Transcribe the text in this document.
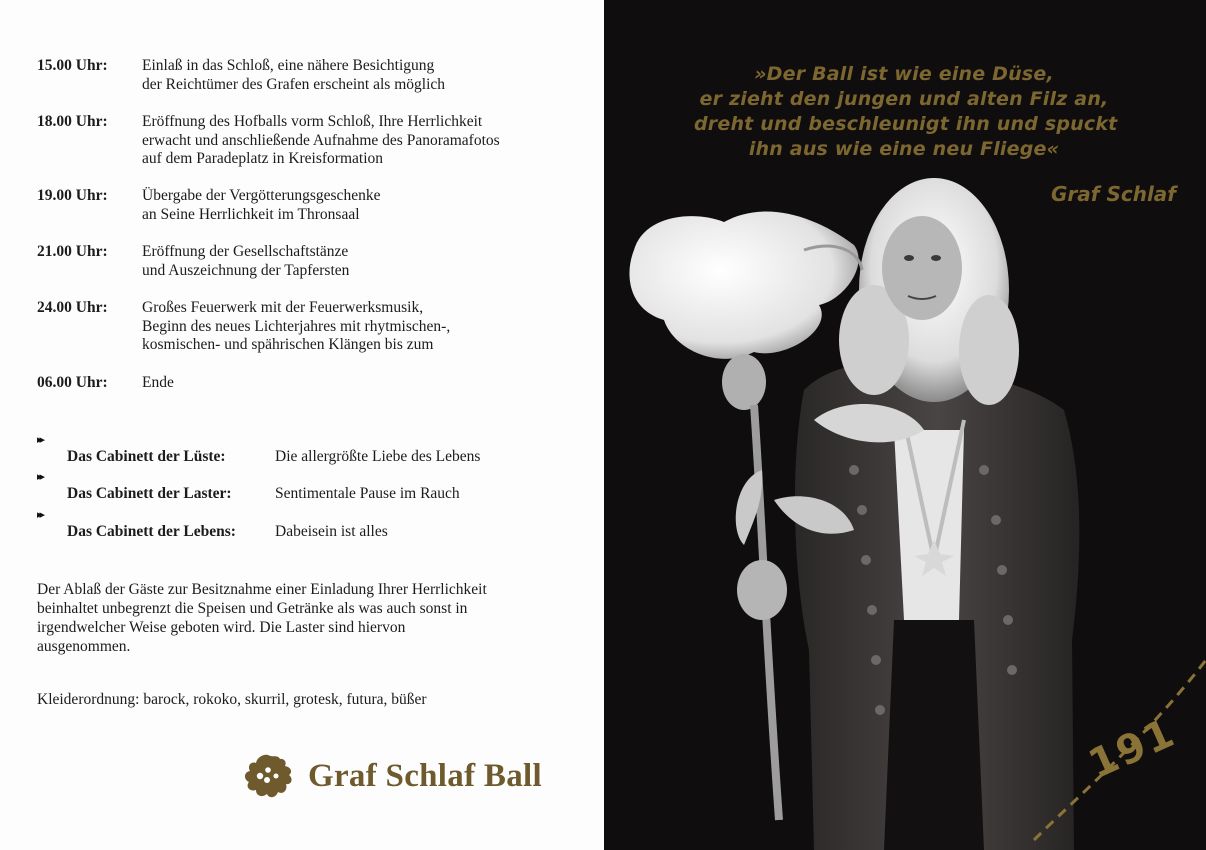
15.00 Uhr: Einlaß in das Schloß, eine nähere Besichtigung
der Reichtümer des Grafen erscheint als möglich
18.00 Uhr: Eröffnung des Hofballs vorm Schloß, Ihre Herrlichkeit
erwacht und anschließende Aufnahme des Panoramafotos
auf dem Paradeplatz in Kreisformation
19.00 Uhr: Übergabe der Vergötterungsgeschenke
an Seine Herrlichkeit im Thronsaal
21.00 Uhr: Eröffnung der Gesellschaftstänze
und Auszeichnung der Tapfersten
24.00 Uhr: Großes Feuerwerk mit der Feuerwerksmusik,
Beginn des neues Lichterjahres mit rhytmischen-,
kosmischen- und spährischen Klängen bis zum
06.00 Uhr: Ende
▸▸
Das Cabinett der Lüste:	Die allergrößte Liebe des Lebens
▸▸
Das Cabinett der Laster:	Sentimentale Pause im Rauch
▸▸
Das Cabinett der Lebens:	Dabeisein ist alles
Der Ablaß der Gäste zur Besitznahme einer Einladung Ihrer Herrlichkeit
beinhaltet unbegrenzt die Speisen und Getränke als was auch sonst in
irgendwelcher Weise geboten wird. Die Laster sind hiervon
ausgenommen.
Kleiderordnung: barock, rokoko, skurril, grotesk, futura, büßer
Graf Schlaf Ball
»Der Ball ist wie eine Düse,
er zieht den jungen und alten Filz an,
dreht und beschleunigt ihn und spuckt
ihn aus wie eine neu Fliege«
Graf Schlaf
191
